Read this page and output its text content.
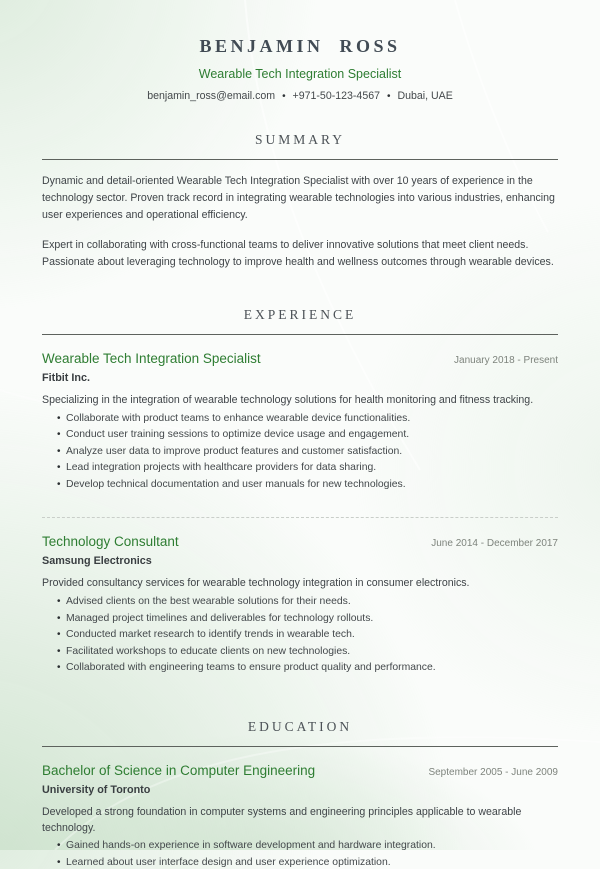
BENJAMIN ROSS
Wearable Tech Integration Specialist
benjamin_ross@email.com • +971-50-123-4567 • Dubai, UAE
SUMMARY

Dynamic and detail-oriented Wearable Tech Integration Specialist with over 10 years of experience in the technology sector. Proven track record in integrating wearable technologies into various industries, enhancing user experiences and operational efficiency.

Expert in collaborating with cross-functional teams to deliver innovative solutions that meet client needs. Passionate about leveraging technology to improve health and wellness outcomes through wearable devices.

EXPERIENCE
Wearable Tech Integration Specialist	January 2018 - Present
Fitbit Inc.

Specializing in the integration of wearable technology solutions for health monitoring and fitness tracking.

• Collaborate with product teams to enhance wearable device functionalities.
• Conduct user training sessions to optimize device usage and engagement.
• Analyze user data to improve product features and customer satisfaction.
• Lead integration projects with healthcare providers for data sharing.
• Develop technical documentation and user manuals for new technologies.
Technology Consultant	June 2014 - December 2017
Samsung Electronics

Provided consultancy services for wearable technology integration in consumer electronics.

• Advised clients on the best wearable solutions for their needs.
• Managed project timelines and deliverables for technology rollouts.
• Conducted market research to identify trends in wearable tech.
• Facilitated workshops to educate clients on new technologies.
• Collaborated with engineering teams to ensure product quality and performance.
EDUCATION
Bachelor of Science in Computer Engineering	September 2005 - June 2009
University of Toronto

Developed a strong foundation in computer systems and engineering principles applicable to wearable technology.

• Gained hands-on experience in software development and hardware integration.
• Learned about user interface design and user experience optimization.
